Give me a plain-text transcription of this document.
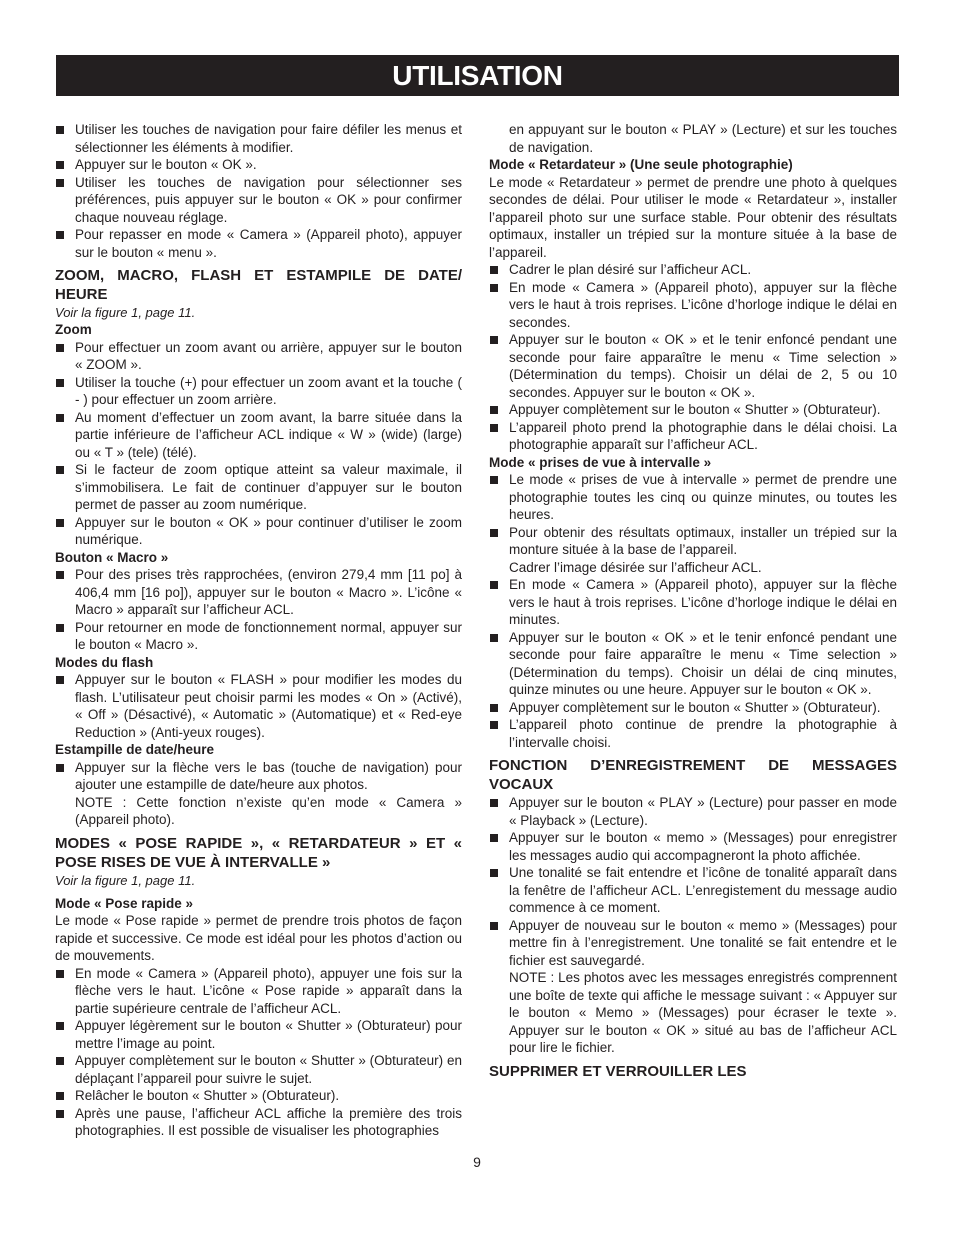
UTILISATION
Utiliser les touches de navigation pour faire défiler les menus et sélectionner les éléments à modifier.
Appuyer sur le bouton « OK ».
Utiliser les touches de navigation pour sélectionner ses préférences, puis appuyer sur le bouton « OK » pour confirmer chaque nouveau réglage.
Pour repasser en mode « Camera » (Appareil photo), appuyer sur le bouton « menu ».
ZOOM, MACRO, FLASH ET ESTAMPILE DE DATE/ HEURE
Voir la figure 1, page 11.
Zoom
Pour effectuer un zoom avant ou arrière, appuyer sur le bouton « ZOOM ».
Utiliser la touche (+) pour effectuer un zoom avant et la touche ( - ) pour effectuer un zoom arrière.
Au moment d’effectuer un zoom avant, la barre située dans la partie inférieure de l’afficheur ACL indique « W » (wide) (large) ou « T » (tele) (télé).
Si le facteur de zoom optique atteint sa valeur maximale, il s’immobilisera. Le fait de continuer d’appuyer sur le bouton permet de passer au zoom numérique.
Appuyer sur le bouton « OK » pour continuer d’utiliser le zoom numérique.
Bouton « Macro »
Pour des prises très rapprochées, (environ 279,4 mm [11 po] à 406,4 mm [16 po]), appuyer sur le bouton « Macro ». L’icône « Macro » apparaît sur l’afficheur ACL.
Pour retourner en mode de fonctionnement normal, appuyer sur le bouton « Macro ».
Modes du flash
Appuyer sur le bouton « FLASH » pour modifier les modes du flash. L’utilisateur peut choisir parmi les modes « On » (Activé), « Off » (Désactivé), « Automatic » (Automatique) et « Red-eye Reduction » (Anti-yeux rouges).
Estampille de date/heure
Appuyer sur la flèche vers le bas (touche de navigation) pour ajouter une estampille de date/heure aux photos.
NOTE : Cette fonction n’existe qu’en mode « Camera » (Appareil photo).
MODES « POSE RAPIDE », « RETARDATEUR » ET « POSE RISES DE VUE À INTERVALLE »
Voir la figure 1, page 11.
Mode « Pose rapide »
Le mode « Pose rapide » permet de prendre trois photos de façon rapide et successive. Ce mode est idéal pour les photos d’action ou de mouvements.
En mode « Camera » (Appareil photo), appuyer une fois sur la flèche vers le haut. L’icône « Pose rapide » apparaît dans la partie supérieure centrale de l’afficheur ACL.
Appuyer légèrement sur le bouton « Shutter » (Obturateur) pour mettre l’image au point.
Appuyer complètement sur le bouton « Shutter » (Obturateur) en déplaçant l’appareil pour suivre le sujet.
Relâcher le bouton « Shutter » (Obturateur).
Après une pause, l’afficheur ACL affiche la première des trois photographies. Il est possible de visualiser les photographies
en appuyant sur le bouton « PLAY » (Lecture) et sur les touches de navigation.
Mode « Retardateur » (Une seule photographie)
Le mode « Retardateur » permet de prendre une photo à quelques secondes de délai. Pour utiliser le mode « Retardateur », installer l’appareil photo sur une surface stable. Pour obtenir des résultats optimaux, installer un trépied sur la monture située à la base de l’appareil.
Cadrer le plan désiré sur l’afficheur ACL.
En mode « Camera » (Appareil photo), appuyer sur la flèche vers le haut à trois reprises. L’icône d’horloge indique le délai en secondes.
Appuyer sur le bouton « OK » et le tenir enfoncé pendant une seconde pour faire apparaître le menu « Time selection » (Détermination du temps). Choisir un délai de 2, 5 ou 10 secondes. Appuyer sur le bouton « OK ».
Appuyer complètement sur le bouton « Shutter » (Obturateur).
L’appareil photo prend la photographie dans le délai choisi. La photographie apparaît sur l’afficheur ACL.
Mode « prises de vue à intervalle »
Le mode « prises de vue à intervalle » permet de prendre une photographie toutes les cinq ou quinze minutes, ou toutes les heures.
Pour obtenir des résultats optimaux, installer un trépied sur la monture située à la base de l’appareil.
Cadrer l’image désirée sur l’afficheur ACL.
En mode « Camera » (Appareil photo), appuyer sur la flèche vers le haut à trois reprises. L’icône d’horloge indique le délai en minutes.
Appuyer sur le bouton « OK » et le tenir enfoncé pendant une seconde pour faire apparaître le menu « Time selection » (Détermination du temps). Choisir un délai de cinq minutes, quinze minutes ou une heure. Appuyer sur le bouton « OK ».
Appuyer complètement sur le bouton « Shutter » (Obturateur).
L’appareil photo continue de prendre la photographie à l’intervalle choisi.
FONCTION D’ENREGISTREMENT DE MESSAGES VOCAUX
Appuyer sur le bouton « PLAY » (Lecture) pour passer en mode « Playback » (Lecture).
Appuyer sur le bouton « memo » (Messages) pour enregistrer les messages audio qui accompagneront la photo affichée.
Une tonalité se fait entendre et l’icône de tonalité apparaît dans la fenêtre de l’afficheur ACL. L’enregistement du message audio commence à ce moment.
Appuyer de nouveau sur le bouton « memo » (Messages) pour mettre fin à l’enregistrement. Une tonalité se fait entendre et le fichier est sauvegardé.
NOTE : Les photos avec les messages enregistrés comprennent une boîte de texte qui affiche le message suivant : « Appuyer sur le bouton « Memo » (Messages) pour écraser le texte ». Appuyer sur le bouton « OK » situé au bas de l’afficheur ACL pour lire le fichier.
SUPPRIMER ET VERROUILLER LES
9
